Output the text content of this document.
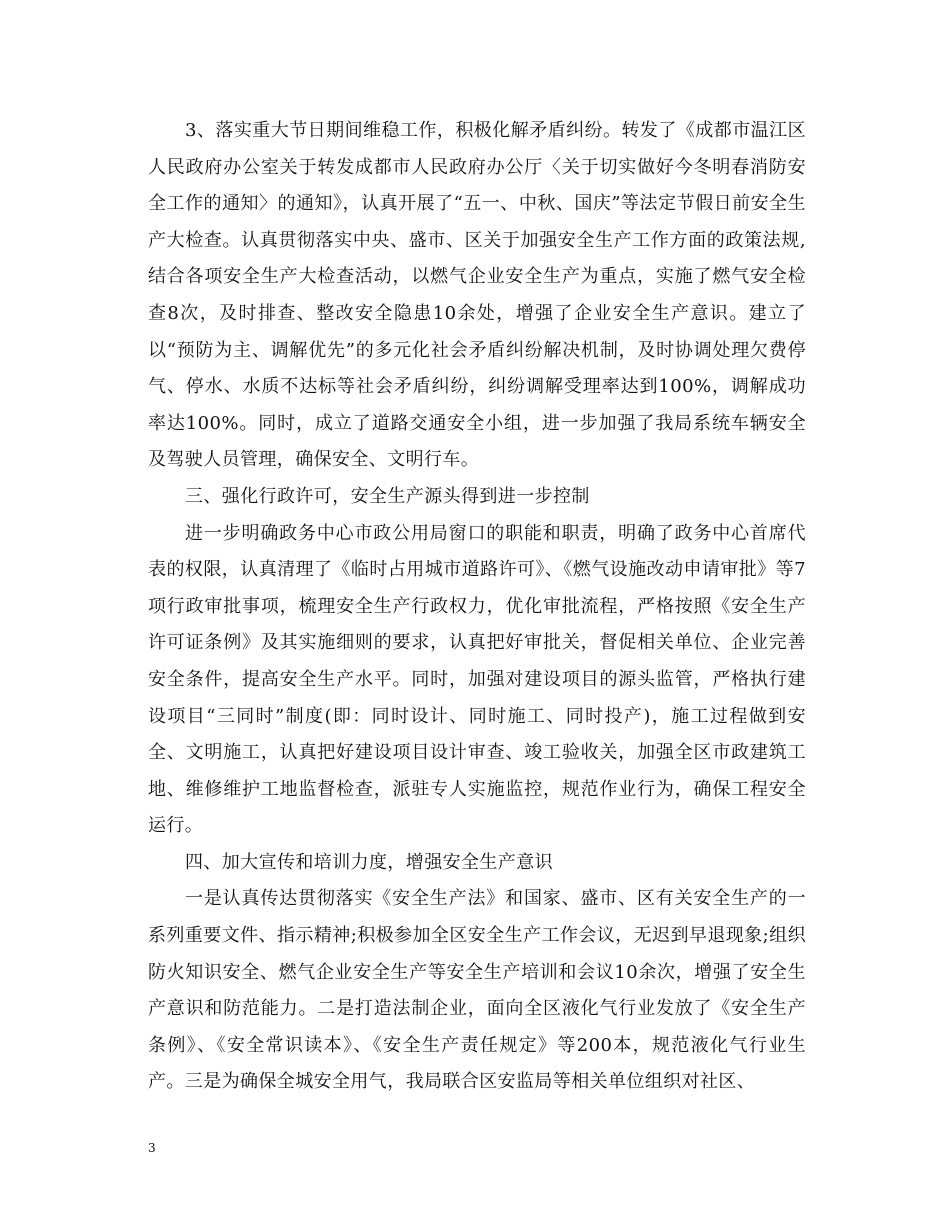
3、落实重大节日期间维稳工作，积极化解矛盾纠纷。转发了《成都市温江区人民政府办公室关于转发成都市人民政府办公厅〈关于切实做好今冬明春消防安全工作的通知〉的通知》，认真开展了“五一、中秋、国庆”等法定节假日前安全生产大检查。认真贯彻落实中央、盛市、区关于加强安全生产工作方面的政策法规,结合各项安全生产大检查活动，以燃气企业安全生产为重点，实施了燃气安全检查8次，及时排查、整改安全隐患10余处，增强了企业安全生产意识。建立了以“预防为主、调解优先”的多元化社会矛盾纠纷解决机制，及时协调处理欠费停气、停水、水质不达标等社会矛盾纠纷，纠纷调解受理率达到100%，调解成功率达100%。同时，成立了道路交通安全小组，进一步加强了我局系统车辆安全及驾驶人员管理，确保安全、文明行车。

三、强化行政许可，安全生产源头得到进一步控制

进一步明确政务中心市政公用局窗口的职能和职责，明确了政务中心首席代表的权限，认真清理了《临时占用城市道路许可》、《燃气设施改动申请审批》等7项行政审批事项，梳理安全生产行政权力，优化审批流程，严格按照《安全生产许可证条例》及其实施细则的要求，认真把好审批关，督促相关单位、企业完善安全条件，提高安全生产水平。同时，加强对建设项目的源头监管，严格执行建设项目“三同时”制度(即：同时设计、同时施工、同时投产)，施工过程做到安全、文明施工，认真把好建设项目设计审查、竣工验收关，加强全区市政建筑工地、维修维护工地监督检查，派驻专人实施监控，规范作业行为，确保工程安全运行。

四、加大宣传和培训力度，增强安全生产意识

一是认真传达贯彻落实《安全生产法》和国家、盛市、区有关安全生产的一系列重要文件、指示精神;积极参加全区安全生产工作会议，无迟到早退现象;组织防火知识安全、燃气企业安全生产等安全生产培训和会议10余次，增强了安全生产意识和防范能力。二是打造法制企业，面向全区液化气行业发放了《安全生产条例》、《安全常识读本》、《安全生产责任规定》等200本，规范液化气行业生产。三是为确保全城安全用气，我局联合区安监局等相关单位组织对社区、

3
